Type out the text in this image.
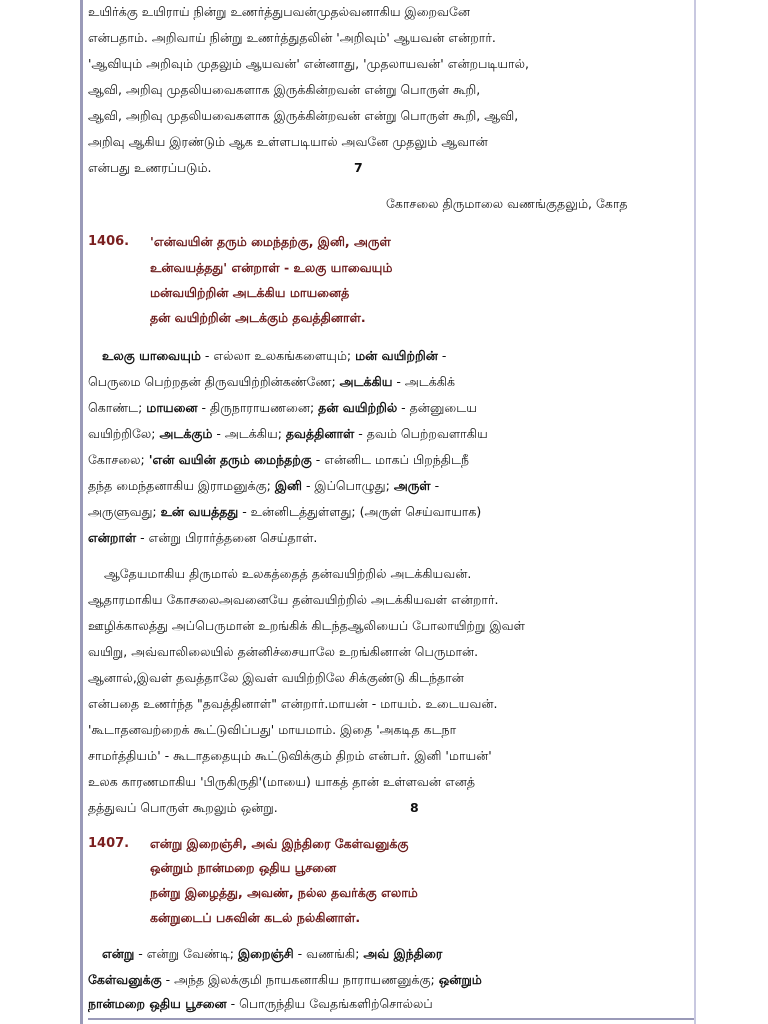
உயிர்க்கு உயிராய் நின்று உணர்த்துபவன்முதல்வனாகிய இறைவனே
என்பதாம். அறிவாய் நின்று உணர்த்துதலின் 'அறிவும்' ஆயவன் என்றார்.
'ஆவியும் அறிவும் முதலும் ஆயவன்' என்னாது, 'முதலாயவன்' என்றபடியால்,
ஆவி, அறிவு முதலியவைகளாக இருக்கின்றவன் என்று பொருள் கூறி,
ஆவி, அறிவு முதலியவைகளாக இருக்கின்றவன் என்று பொருள் கூறி, ஆவி,
அறிவு ஆகிய இரண்டும் ஆக உள்ளபடியால் அவனே முதலும் ஆவான்
என்பது உணரப்படும்.	7
கோசலை திருமாலை வணங்குதலும், கோத
1406. 'என்வயின் தரும் மைந்தற்கு, இனி, அருள்
உன்வயத்தது' என்றாள் - உலகு யாவையும்
மன்வயிற்றின் அடக்கிய மாயனைத்
தன் வயிற்றின் அடக்கும் தவத்தினாள்.
உலகு யாவையும் - எல்லா உலகங்களையும்; மன் வயிற்றின் -
பெருமை பெற்றதன் திருவயிற்றின்கண்ணே; அடக்கிய - அடக்கிக்
கொண்ட; மாயனை - திருநாராயணனை; தன் வயிற்றில் - தன்னுடைய
வயிற்றிலே; அடக்கும் - அடக்கிய; தவத்தினாள் - தவம் பெற்றவளாகிய
கோசலை; 'என் வயின் தரும் மைந்தற்கு - என்னிட மாகப் பிறந்திடநீ
தந்த மைந்தனாகிய இராமனுக்கு; இனி - இப்பொழுது; அருள் -
அருளுவது; உன் வயத்தது - உன்னிடத்துள்ளது; (அருள் செய்வாயாக)
என்றாள் - என்று பிரார்த்தனை செய்தாள்.
ஆதேயமாகிய திருமால் உலகத்தைத் தன்வயிற்றில் அடக்கியவன்.
ஆதாரமாகிய கோசலைஅவனையே தன்வயிற்றில் அடக்கியவள் என்றார்.
ஊழிக்காலத்து அப்பெருமான் உறங்கிக் கிடந்தஆலியைப் போலாயிற்று இவள்
வயிறு, அவ்வாலிலையில் தன்னிச்சையாலே உறங்கினான் பெருமான்.
ஆனால்,இவள் தவத்தாலே இவள் வயிற்றிலே சிக்குண்டு கிடந்தான்
என்பதை உணர்ந்த "தவத்தினாள்" என்றார்.மாயன் - மாயம். உடையவன்.
'கூடாதனவற்றைக் கூட்டுவிப்பது' மாயமாம். இதை 'அகடித கடநா
சாமர்த்தியம்' - கூடாததையும் கூட்டுவிக்கும் திறம் என்பர். இனி 'மாயன்'
உலக காரணமாகிய 'பிருகிருதி'(மாயை) யாகத் தான் உள்ளவன் எனத்
தத்துவப் பொருள் கூறலும் ஒன்று.	8
1407. என்று இறைஞ்சி, அவ் இந்திரை கேள்வனுக்கு
ஒன்றும் நான்மறை ஒதிய பூசனை
நன்று இழைத்து, அவண், நல்ல தவர்க்கு எலாம்
கன்றுடைப் பசுவின் கடல் நல்கினாள்.
என்று - என்று வேண்டி; இறைஞ்சி - வணங்கி; அவ் இந்திரை
கேள்வனுக்கு - அந்த இலக்குமி நாயகனாகிய நாராயணனுக்கு; ஒன்றும்
நான்மறை ஒதிய பூசனை - பொருந்திய வேதங்களிற்சொல்லப்
